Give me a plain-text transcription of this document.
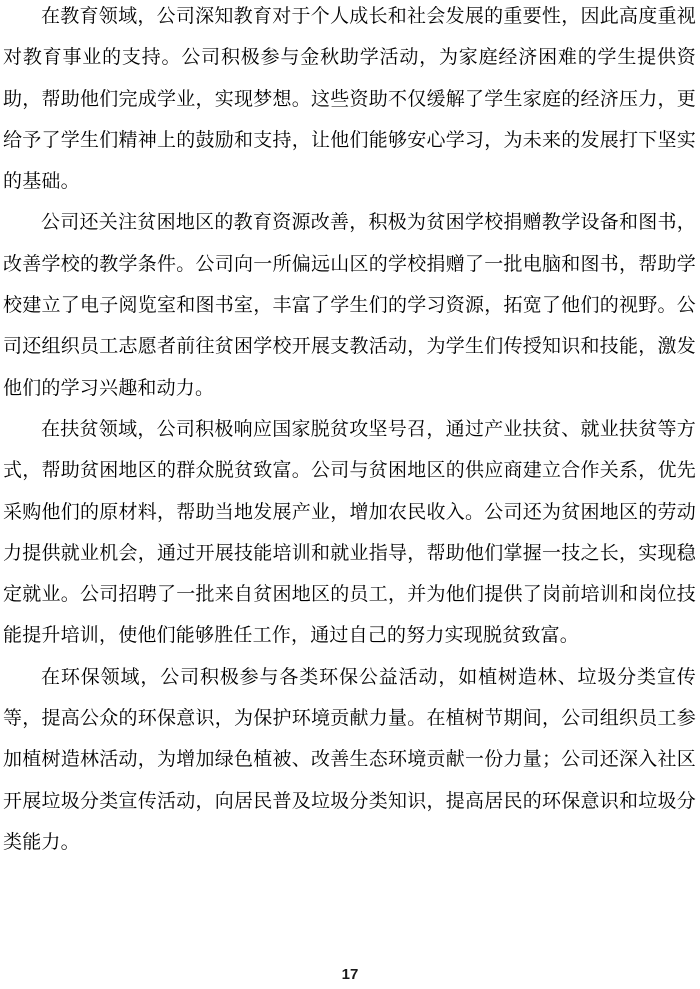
在教育领域，公司深知教育对于个人成长和社会发展的重要性，因此高度重视对教育事业的支持。公司积极参与金秋助学活动，为家庭经济困难的学生提供资助，帮助他们完成学业，实现梦想。这些资助不仅缓解了学生家庭的经济压力，更给予了学生们精神上的鼓励和支持，让他们能够安心学习，为未来的发展打下坚实的基础。

公司还关注贫困地区的教育资源改善，积极为贫困学校捐赠教学设备和图书，改善学校的教学条件。公司向一所偏远山区的学校捐赠了一批电脑和图书，帮助学校建立了电子阅览室和图书室，丰富了学生们的学习资源，拓宽了他们的视野。公司还组织员工志愿者前往贫困学校开展支教活动，为学生们传授知识和技能，激发他们的学习兴趣和动力。

在扶贫领域，公司积极响应国家脱贫攻坚号召，通过产业扶贫、就业扶贫等方式，帮助贫困地区的群众脱贫致富。公司与贫困地区的供应商建立合作关系，优先采购他们的原材料，帮助当地发展产业，增加农民收入。公司还为贫困地区的劳动力提供就业机会，通过开展技能培训和就业指导，帮助他们掌握一技之长，实现稳定就业。公司招聘了一批来自贫困地区的员工，并为他们提供了岗前培训和岗位技能提升培训，使他们能够胜任工作，通过自己的努力实现脱贫致富。

在环保领域，公司积极参与各类环保公益活动，如植树造林、垃圾分类宣传等，提高公众的环保意识，为保护环境贡献力量。在植树节期间，公司组织员工参加植树造林活动，为增加绿色植被、改善生态环境贡献一份力量；公司还深入社区开展垃圾分类宣传活动，向居民普及垃圾分类知识，提高居民的环保意识和垃圾分类能力。

17
